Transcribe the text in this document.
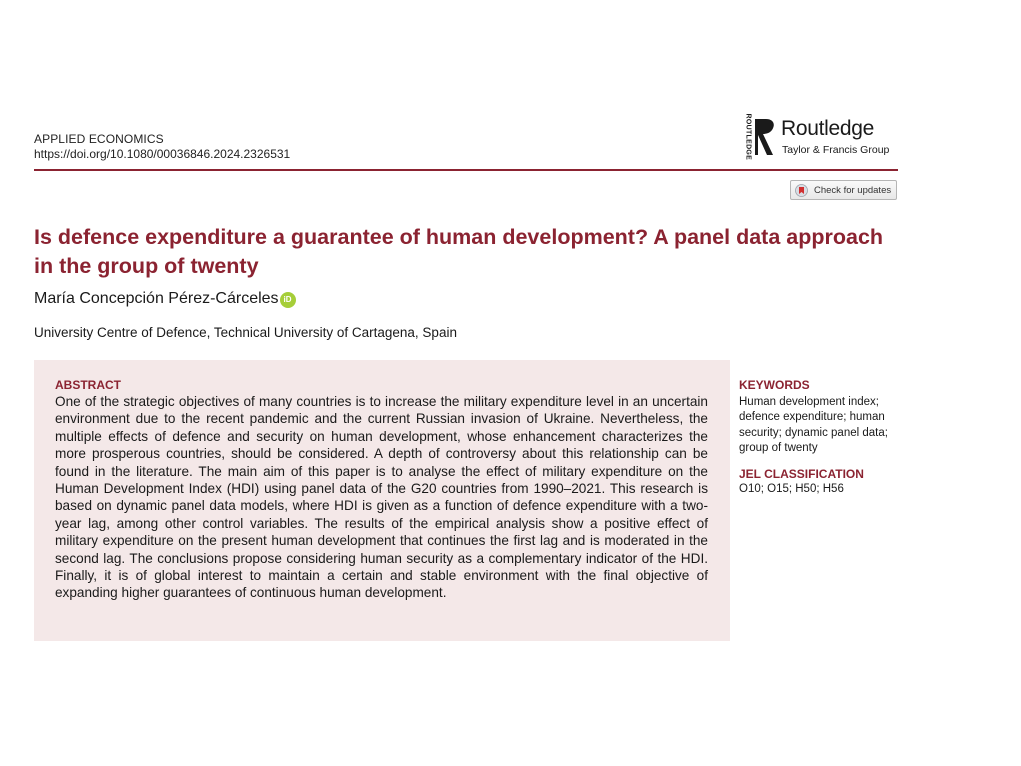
APPLIED ECONOMICS
https://doi.org/10.1080/00036846.2024.2326531	ROUTLEDGE Routledge
Taylor & Francis Group
Check for updates
Is defence expenditure a guarantee of human development? A panel data approach in the group of twenty
María Concepción Pérez-Cárceles iD
University Centre of Defence, Technical University of Cartagena, Spain
ABSTRACT
One of the strategic objectives of many countries is to increase the military expenditure level in an uncertain environment due to the recent pandemic and the current Russian invasion of Ukraine. Nevertheless, the multiple effects of defence and security on human development, whose enhancement characterizes the more prosperous countries, should be considered. A depth of controversy about this relationship can be found in the literature. The main aim of this paper is to analyse the effect of military expenditure on the Human Development Index (HDI) using panel data of the G20 countries from 1990–2021. This research is based on dynamic panel data models, where HDI is given as a function of defence expenditure with a two-year lag, among other control variables. The results of the empirical analysis show a positive effect of military expenditure on the present human development that continues the first lag and is moderated in the second lag. The conclusions propose considering human security as a complementary indicator of the HDI. Finally, it is of global interest to maintain a certain and stable environment with the final objective of expanding higher guarantees of continuous human development.
KEYWORDS
Human development index; defence expenditure; human security; dynamic panel data; group of twenty
JEL CLASSIFICATION
O10; O15; H50; H56
